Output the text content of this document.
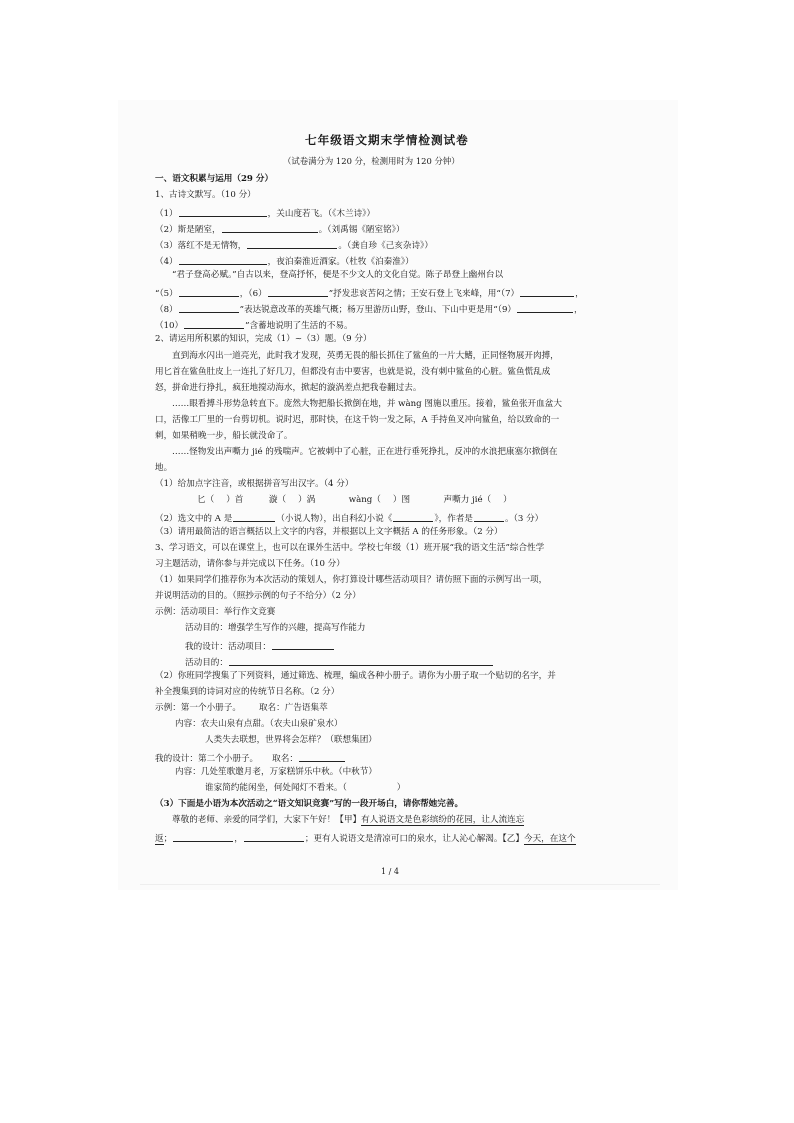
七年级语文期末学情检测试卷
（试卷满分为 120 分，检测用时为 120 分钟）
一、语文积累与运用（29 分）
1、古诗文默写。（10 分）
（1）	，关山度若飞。（《木兰诗》）
（2）斯是陋室，	。（刘禹锡《陋室铭》）
（3）落红不是无情物，	。（龚自珍《己亥杂诗》）
（4）	，夜泊秦淮近酒家。（杜牧《泊秦淮》）
“君子登高必赋。”自古以来，登高抒怀，便是不少文人的文化自觉。陈子昂登上幽州台以
“（5）	，（6）	”抒发悲哀苦闷之情；王安石登上飞来峰，用“（7）	，
（8）	”表达锐意改革的英雄气概；杨万里游历山野，登山、下山中更是用“（9）	，
（10）	”含蓄地说明了生活的不易。
2、请运用所积累的知识，完成（1）~（3）题。（9 分）
直到海水闪出一道亮光，此时我才发现，英勇无畏的船长抓住了鲨鱼的一片大鳍，正同怪物展开肉搏，
用匕首在鲨鱼肚皮上一连扎了好几刀，但都没有击中要害，也就是说，没有刺中鲨鱼的心脏。鲨鱼慌乱成
怒，拼命进行挣扎，疯狂地搅动海水，掀起的漩涡差点把我卷翻过去。
……眼看搏斗形势急转直下。庞然大物把船长掀倒在地，并 wàng 图施以重压。接着，鲨鱼张开血盆大
口，活像工厂里的一台剪切机。说时迟，那时快，在这千钧一发之际，A 手持鱼叉冲向鲨鱼，给以致命的一
刺，如果稍晚一步，船长就没命了。
……怪物发出声嘶力 jié 的残喘声。它被刺中了心脏，正在进行垂死挣扎，反冲的水浪把康塞尔掀倒在
地。
（1）给加点字注音，或根据拼音写出汉字。（4 分）
匕（ ）首	漩（ ）涡	wàng（ ）图	声嘶力 jié（ ）
（2）选文中的 A 是	（小说人物），出自科幻小说《	》，作者是	。（3 分）
（3）请用最简洁的语言概括以上文字的内容，并根据以上文字概括 A 的任务形象。（2 分）
3、学习语文，可以在课堂上，也可以在课外生活中。学校七年级（1）班开展“我的语文生活”综合性学
习主题活动，请你参与并完成以下任务。（10 分）
（1）如果同学们推荐你为本次活动的策划人，你打算设计哪些活动项目？请仿照下面的示例写出一项，
并说明活动的目的。（照抄示例的句子不给分）（2 分）
示例：活动项目：举行作文竞赛
活动目的：增强学生写作的兴趣，提高写作能力
我的设计：活动项目：
活动目的：
（2）你班同学搜集了下列资料，通过筛选、梳理，编成各种小册子。请你为小册子取一个贴切的名字，并
补全搜集到的诗词对应的传统节日名称。（2 分）
示例：第一个小册子。 取名：广告语集萃
内容：农夫山泉有点甜。（农夫山泉矿泉水）
人类失去联想，世界将会怎样？（联想集团）
我的设计：第二个小册子。 取名：
内容：几处笙歌邀月老，万家糕饼乐中秋。（中秋节）
谁家简约能闲坐，何处闻灯不看来。（	）
（3）下面是小语为本次活动之“语文知识竞赛”写的一段开场白，请你帮她完善。
尊敬的老师、亲爱的同学们，大家下午好！【甲】有人说语文是色彩缤纷的花园，让人流连忘
返；	，	；更有人说语文是清凉可口的泉水，让人沁心解渴。【乙】今天，在这个
1 / 4
